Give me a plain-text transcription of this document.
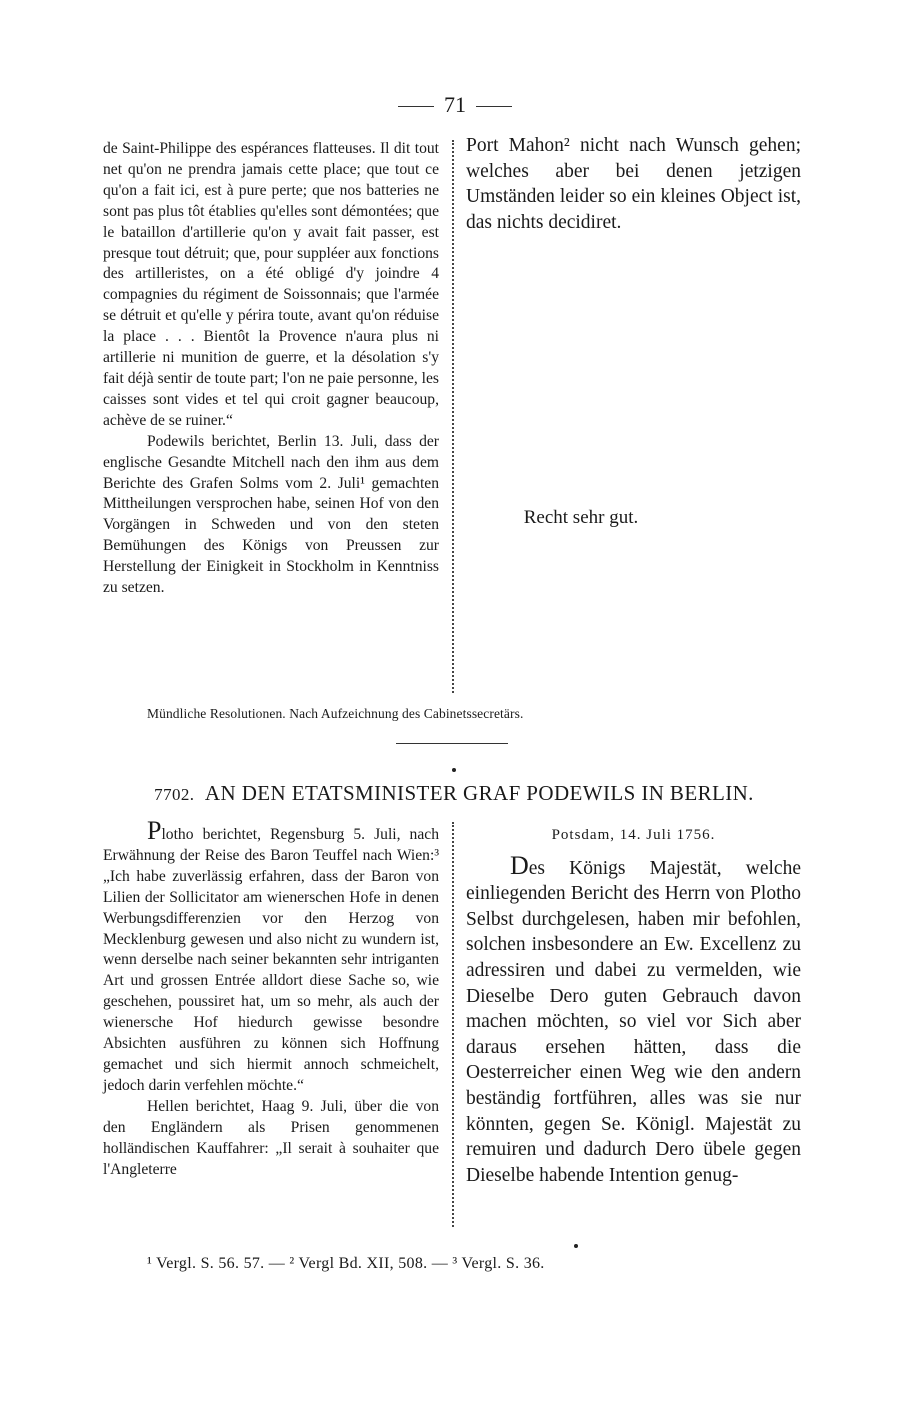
71

de Saint-Philippe des espérances flatteuses. Il dit tout net qu'on ne prendra jamais cette place; que tout ce qu'on a fait ici, est à pure perte; que nos batteries ne sont pas plus tôt établies qu'elles sont démontées; que le bataillon d'artillerie qu'on y avait fait passer, est presque tout détruit; que, pour suppléer aux fonctions des artilleristes, on a été obligé d'y joindre 4 compagnies du régiment de Soissonnais; que l'armée se détruit et qu'elle y périra toute, avant qu'on réduise la place . . . Bientôt la Provence n'aura plus ni artillerie ni munition de guerre, et la désolation s'y fait déjà sentir de toute part; l'on ne paie personne, les caisses sont vides et tel qui croit gagner beaucoup, achève de se ruiner.“

Podewils berichtet, Berlin 13. Juli, dass der englische Gesandte Mitchell nach den ihm aus dem Berichte des Grafen Solms vom 2. Juli¹ gemachten Mittheilungen versprochen habe, seinen Hof von den Vorgängen in Schweden und von den steten Bemühungen des Königs von Preussen zur Herstellung der Einigkeit in Stockholm in Kenntniss zu setzen.

Port Mahon² nicht nach Wunsch gehen; welches aber bei denen jetzigen Umständen leider so ein kleines Object ist, das nichts decidiret.

Recht sehr gut.
Mündliche Resolutionen. Nach Aufzeichnung des Cabinetssecretärs.
7702. AN DEN ETATSMINISTER GRAF PODEWILS IN BERLIN.

Plotho berichtet, Regensburg 5. Juli, nach Erwähnung der Reise des Baron Teuffel nach Wien:³ „Ich habe zuverlässig erfahren, dass der Baron von Lilien der Sollicitator am wienerschen Hofe in denen Werbungsdifferenzien vor den Herzog von Mecklenburg gewesen und also nicht zu wundern ist, wenn derselbe nach seiner bekannten sehr intriganten Art und grossen Entrée alldort diese Sache so, wie geschehen, poussiret hat, um so mehr, als auch der wienersche Hof hiedurch gewisse besondre Absichten ausführen zu können sich Hoffnung gemachet und sich hiermit annoch schmeichelt, jedoch darin verfehlen möchte.“

Hellen berichtet, Haag 9. Juli, über die von den Engländern als Prisen genommenen holländischen Kauffahrer: „Il serait à souhaiter que l'Angleterre

Potsdam, 14. Juli 1756.

Des Königs Majestät, welche einliegenden Bericht des Herrn von Plotho Selbst durchgelesen, haben mir befohlen, solchen insbesondere an Ew. Excellenz zu adressiren und dabei zu vermelden, wie Dieselbe Dero guten Gebrauch davon machen möchten, so viel vor Sich aber daraus ersehen hätten, dass die Oesterreicher einen Weg wie den andern beständig fortführen, alles was sie nur könnten, gegen Se. Königl. Majestät zu remuiren und dadurch Dero übele gegen Dieselbe habende Intention genug-

¹ Vergl. S. 56. 57. — ² Vergl Bd. XII, 508. — ³ Vergl. S. 36.
